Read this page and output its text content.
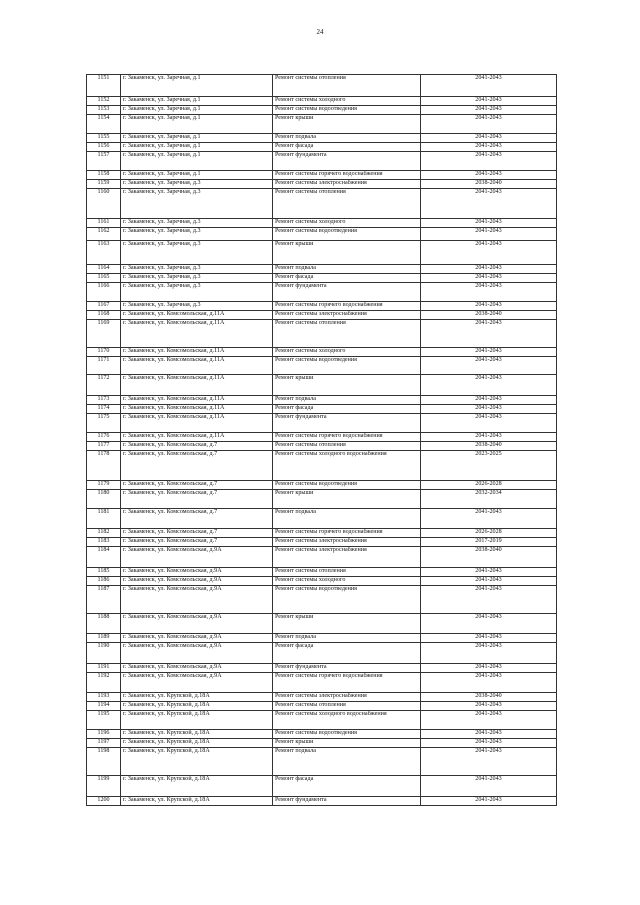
24
1151	г. Закаменск, ул. Заречная, д.1	Ремонт системы отопления	2041-2043
1152	г. Закаменск, ул. Заречная, д.1	Ремонт системы холодного	2041-2043
1153	г. Закаменск, ул. Заречная, д.1	Ремонт системы водоотведения	2041-2043
1154	г. Закаменск, ул. Заречная, д.1	Ремонт крыши	2041-2043
1155	г. Закаменск, ул. Заречная, д.1	Ремонт подвала	2041-2043
1156	г. Закаменск, ул. Заречная, д.1	Ремонт фасада	2041-2043
1157	г. Закаменск, ул. Заречная, д.1	Ремонт фундамента	2041-2043
1158	г. Закаменск, ул. Заречная, д.1	Ремонт системы горячего водоснабжения	2041-2043
1159	г. Закаменск, ул. Заречная, д.3	Ремонт системы электроснабжения	2038-2040
1160	г. Закаменск, ул. Заречная, д.3	Ремонт системы отопления	2041-2043
1161	г. Закаменск, ул. Заречная, д.3	Ремонт системы холодного	2041-2043
1162	г. Закаменск, ул. Заречная, д.3	Ремонт системы водоотведения	2041-2043
1163	г. Закаменск, ул. Заречная, д.3	Ремонт крыши	2041-2043
1164	г. Закаменск, ул. Заречная, д.3	Ремонт подвала	2041-2043
1165	г. Закаменск, ул. Заречная, д.3	Ремонт фасада	2041-2043
1166	г. Закаменск, ул. Заречная, д.3	Ремонт фундамента	2041-2043
1167	г. Закаменск, ул. Заречная, д.3	Ремонт системы горячего водоснабжения	2041-2043
1168	г. Закаменск, ул. Комсомольская, д.11А	Ремонт системы электроснабжения	2038-2040
1169	г. Закаменск, ул. Комсомольская, д.11А	Ремонт системы отопления	2041-2043
1170	г. Закаменск, ул. Комсомольская, д.11А	Ремонт системы холодного	2041-2043
1171	г. Закаменск, ул. Комсомольская, д.11А	Ремонт системы водоотведения	2041-2043
1172	г. Закаменск, ул. Комсомольская, д.11А	Ремонт крыши	2041-2043
1173	г. Закаменск, ул. Комсомольская, д.11А	Ремонт подвала	2041-2043
1174	г. Закаменск, ул. Комсомольская, д.11А	Ремонт фасада	2041-2043
1175	г. Закаменск, ул. Комсомольская, д.11А	Ремонт фундамента	2041-2043
1176	г. Закаменск, ул. Комсомольская, д.11А	Ремонт системы горячего водоснабжения	2041-2043
1177	г. Закаменск, ул. Комсомольская, д.7	Ремонт системы отопления	2038-2040
1178	г. Закаменск, ул. Комсомольская, д.7	Ремонт системы холодного водоснабжения	2023-2025
1179	г. Закаменск, ул. Комсомольская, д.7	Ремонт системы водоотведения	2026-2028
1180	г. Закаменск, ул. Комсомольская, д.7	Ремонт крыши	2032-2034
1181	г. Закаменск, ул. Комсомольская, д.7	Ремонт подвала	2041-2043
1182	г. Закаменск, ул. Комсомольская, д.7	Ремонт системы горячего водоснабжения	2026-2028
1183	г. Закаменск, ул. Комсомольская, д.7	Ремонт системы электроснабжения	2017-2019
1184	г. Закаменск, ул. Комсомольская, д.9А	Ремонт системы электроснабжения	2038-2040
1185	г. Закаменск, ул. Комсомольская, д.9А	Ремонт системы отопления	2041-2043
1186	г. Закаменск, ул. Комсомольская, д.9А	Ремонт системы холодного	2041-2043
1187	г. Закаменск, ул. Комсомольская, д.9А	Ремонт системы водоотведения	2041-2043
1188	г. Закаменск, ул. Комсомольская, д.9А	Ремонт крыши	2041-2043
1189	г. Закаменск, ул. Комсомольская, д.9А	Ремонт подвала	2041-2043
1190	г. Закаменск, ул. Комсомольская, д.9А	Ремонт фасада	2041-2043
1191	г. Закаменск, ул. Комсомольская, д.9А	Ремонт фундамента	2041-2043
1192	г. Закаменск, ул. Комсомольская, д.9А	Ремонт системы горячего водоснабжения	2041-2043
1193	г. Закаменск, ул. Крупской, д.18А	Ремонт системы электроснабжения	2038-2040
1194	г. Закаменск, ул. Крупской, д.18А	Ремонт системы отопления	2041-2043
1195	г. Закаменск, ул. Крупской, д.18А	Ремонт системы холодного водоснабжения	2041-2043
1196	г. Закаменск, ул. Крупской, д.18А	Ремонт системы водоотведения	2041-2043
1197	г. Закаменск, ул. Крупской, д.18А	Ремонт крыши	2041-2043
1198	г. Закаменск, ул. Крупской, д.18А	Ремонт подвала	2041-2043
1199	г. Закаменск, ул. Крупской, д.18А	Ремонт фасада	2041-2043
1200	г. Закаменск, ул. Крупской, д.18А	Ремонт фундамента	2041-2043
